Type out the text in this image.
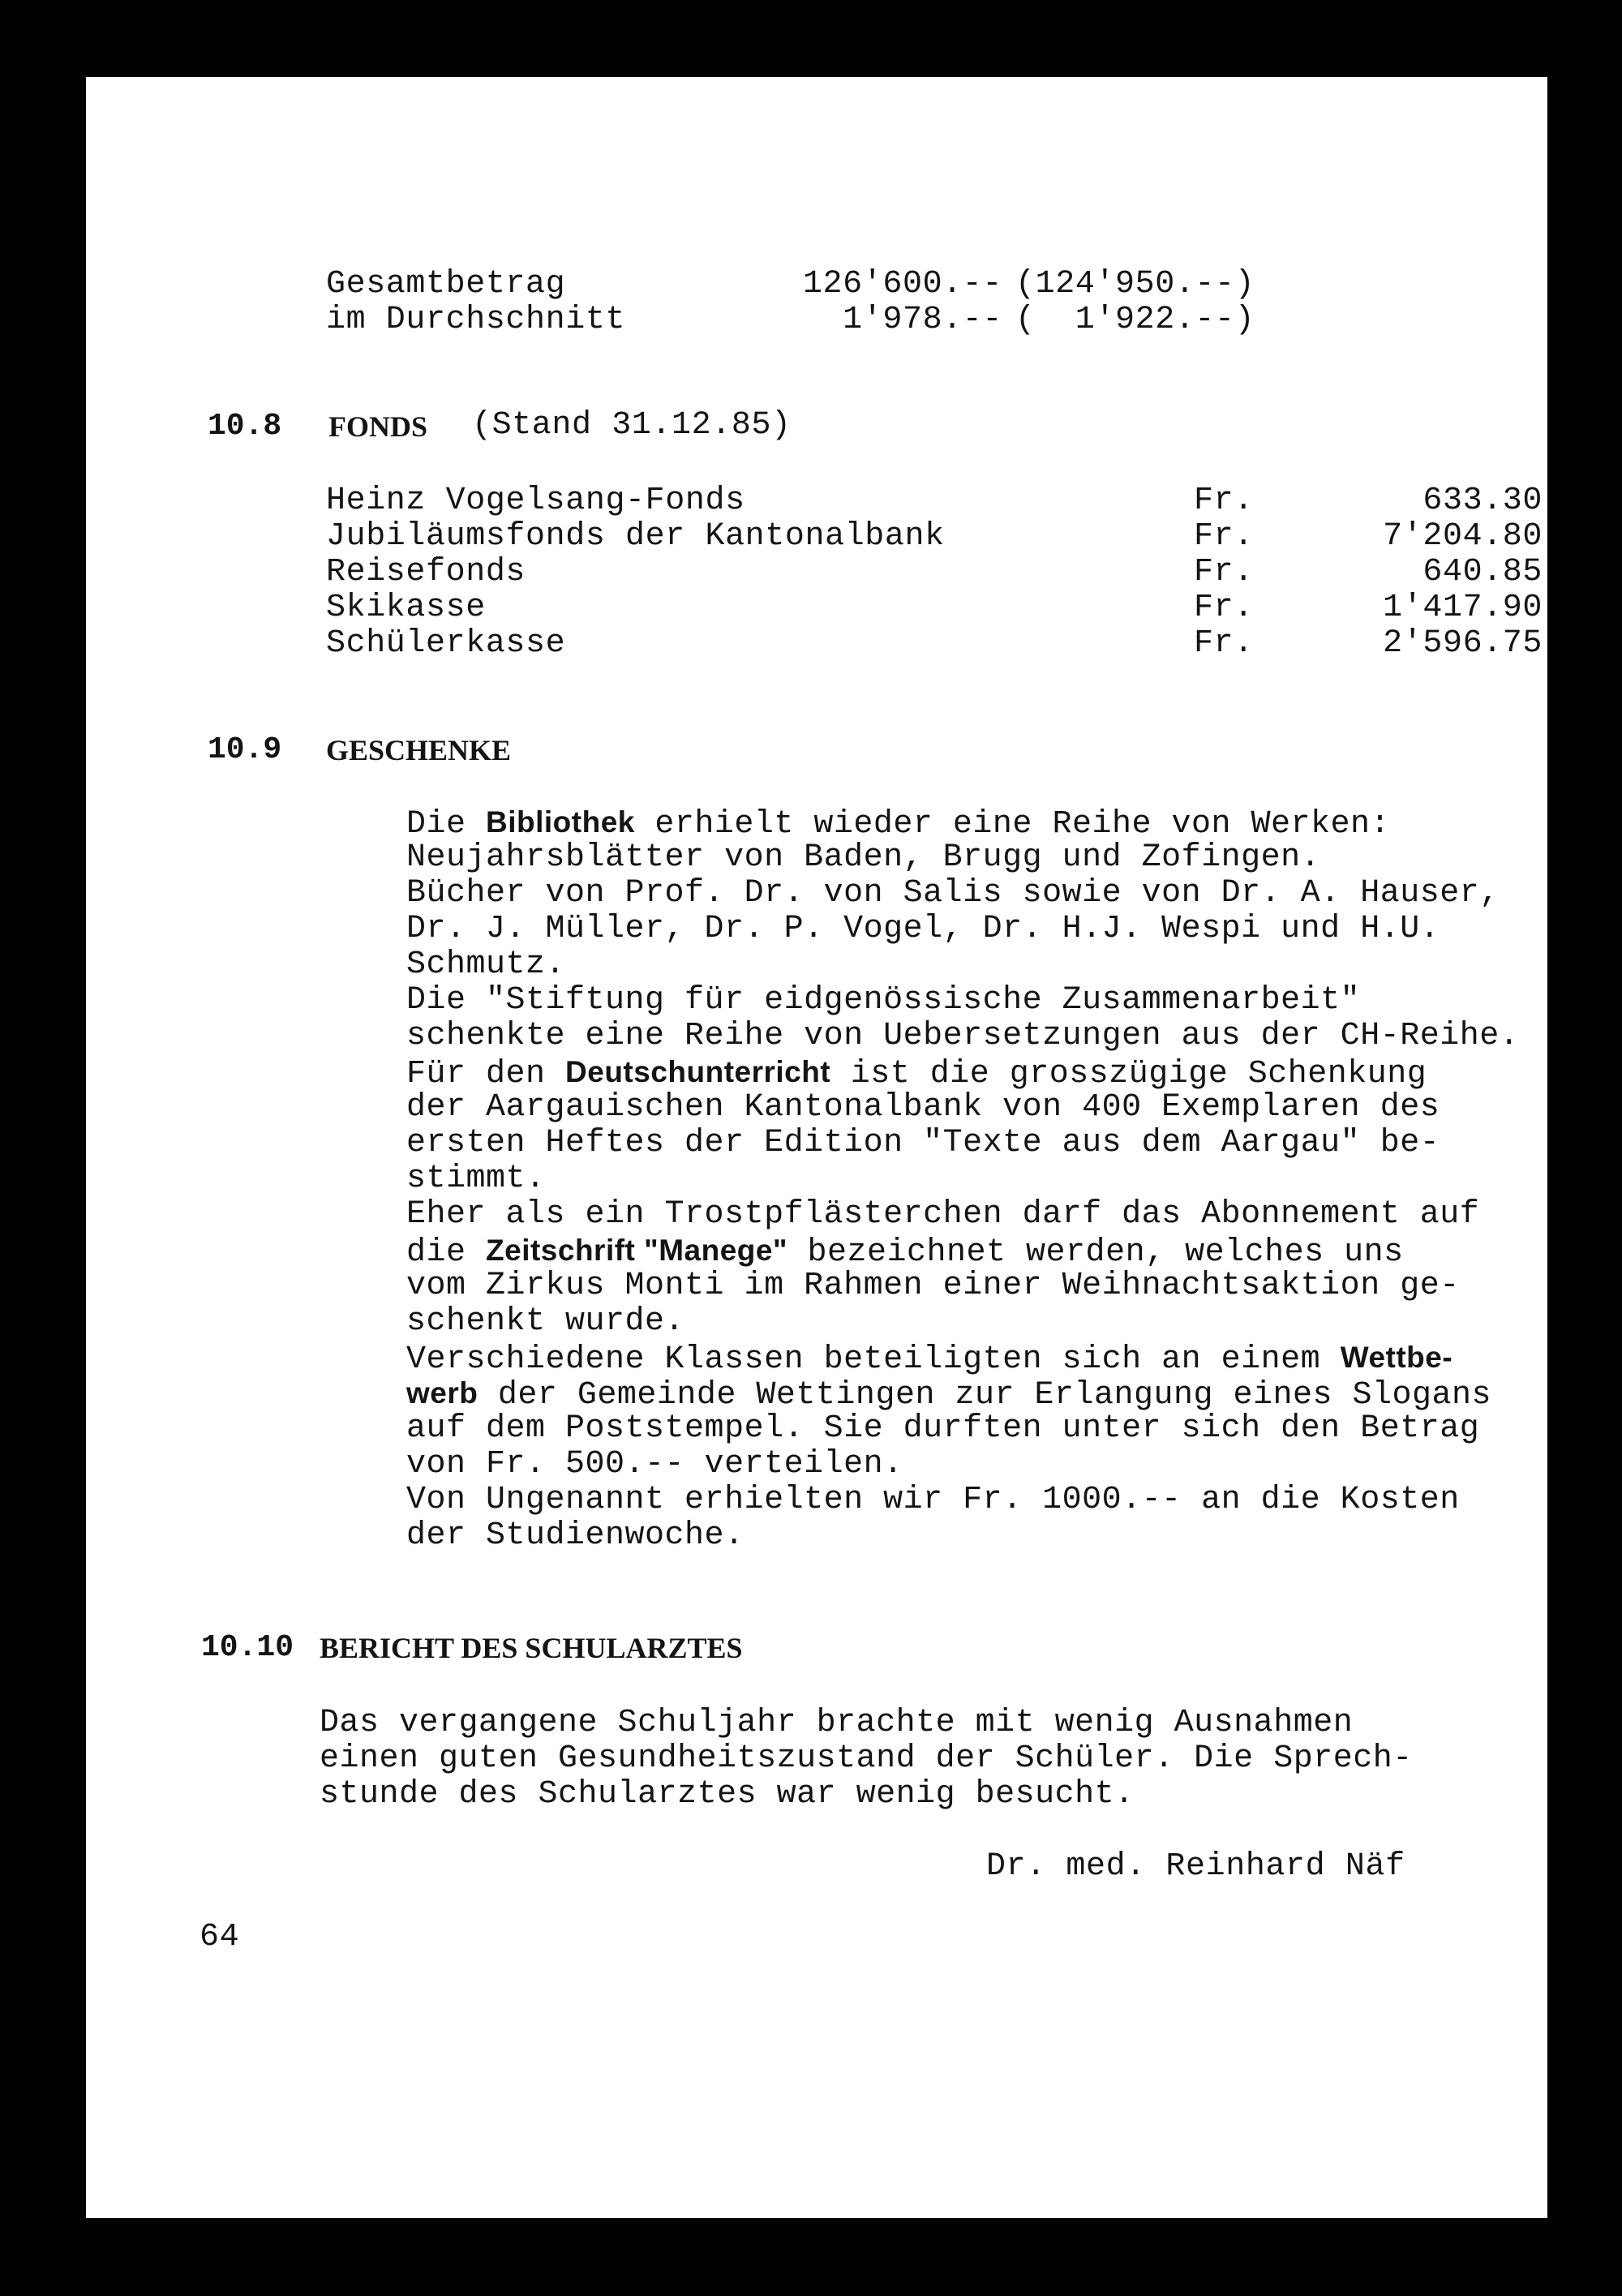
Gesamtbetrag	126'600.-- (124'950.--)
im Durchschnitt	1'978.-- (  1'922.--)
10.8 FONDS (Stand 31.12.85)
Heinz Vogelsang-Fonds	Fr.	633.30
Jubiläumsfonds der Kantonalbank	Fr.	7'204.80
Reisefonds	Fr.	640.85
Skikasse	Fr.	1'417.90
Schülerkasse	Fr.	2'596.75
10.9 GESCHENKE
Die Bibliothek erhielt wieder eine Reihe von Werken:
Neujahrsblätter von Baden, Brugg und Zofingen.
Bücher von Prof. Dr. von Salis sowie von Dr. A. Hauser,
Dr. J. Müller, Dr. P. Vogel, Dr. H.J. Wespi und H.U.
Schmutz.
Die "Stiftung für eidgenössische Zusammenarbeit"
schenkte eine Reihe von Uebersetzungen aus der CH-Reihe.
Für den Deutschunterricht ist die grosszügige Schenkung
der Aargauischen Kantonalbank von 400 Exemplaren des
ersten Heftes der Edition "Texte aus dem Aargau" be-
stimmt.
Eher als ein Trostpflästerchen darf das Abonnement auf
die Zeitschrift "Manege" bezeichnet werden, welches uns
vom Zirkus Monti im Rahmen einer Weihnachtsaktion ge-
schenkt wurde.
Verschiedene Klassen beteiligten sich an einem Wettbe-
werb der Gemeinde Wettingen zur Erlangung eines Slogans
auf dem Poststempel. Sie durften unter sich den Betrag
von Fr. 500.-- verteilen.
Von Ungenannt erhielten wir Fr. 1000.-- an die Kosten
der Studienwoche.
10.10 BERICHT DES SCHULARZTES
Das vergangene Schuljahr brachte mit wenig Ausnahmen
einen guten Gesundheitszustand der Schüler. Die Sprech-
stunde des Schularztes war wenig besucht.
Dr. med. Reinhard Näf
64
